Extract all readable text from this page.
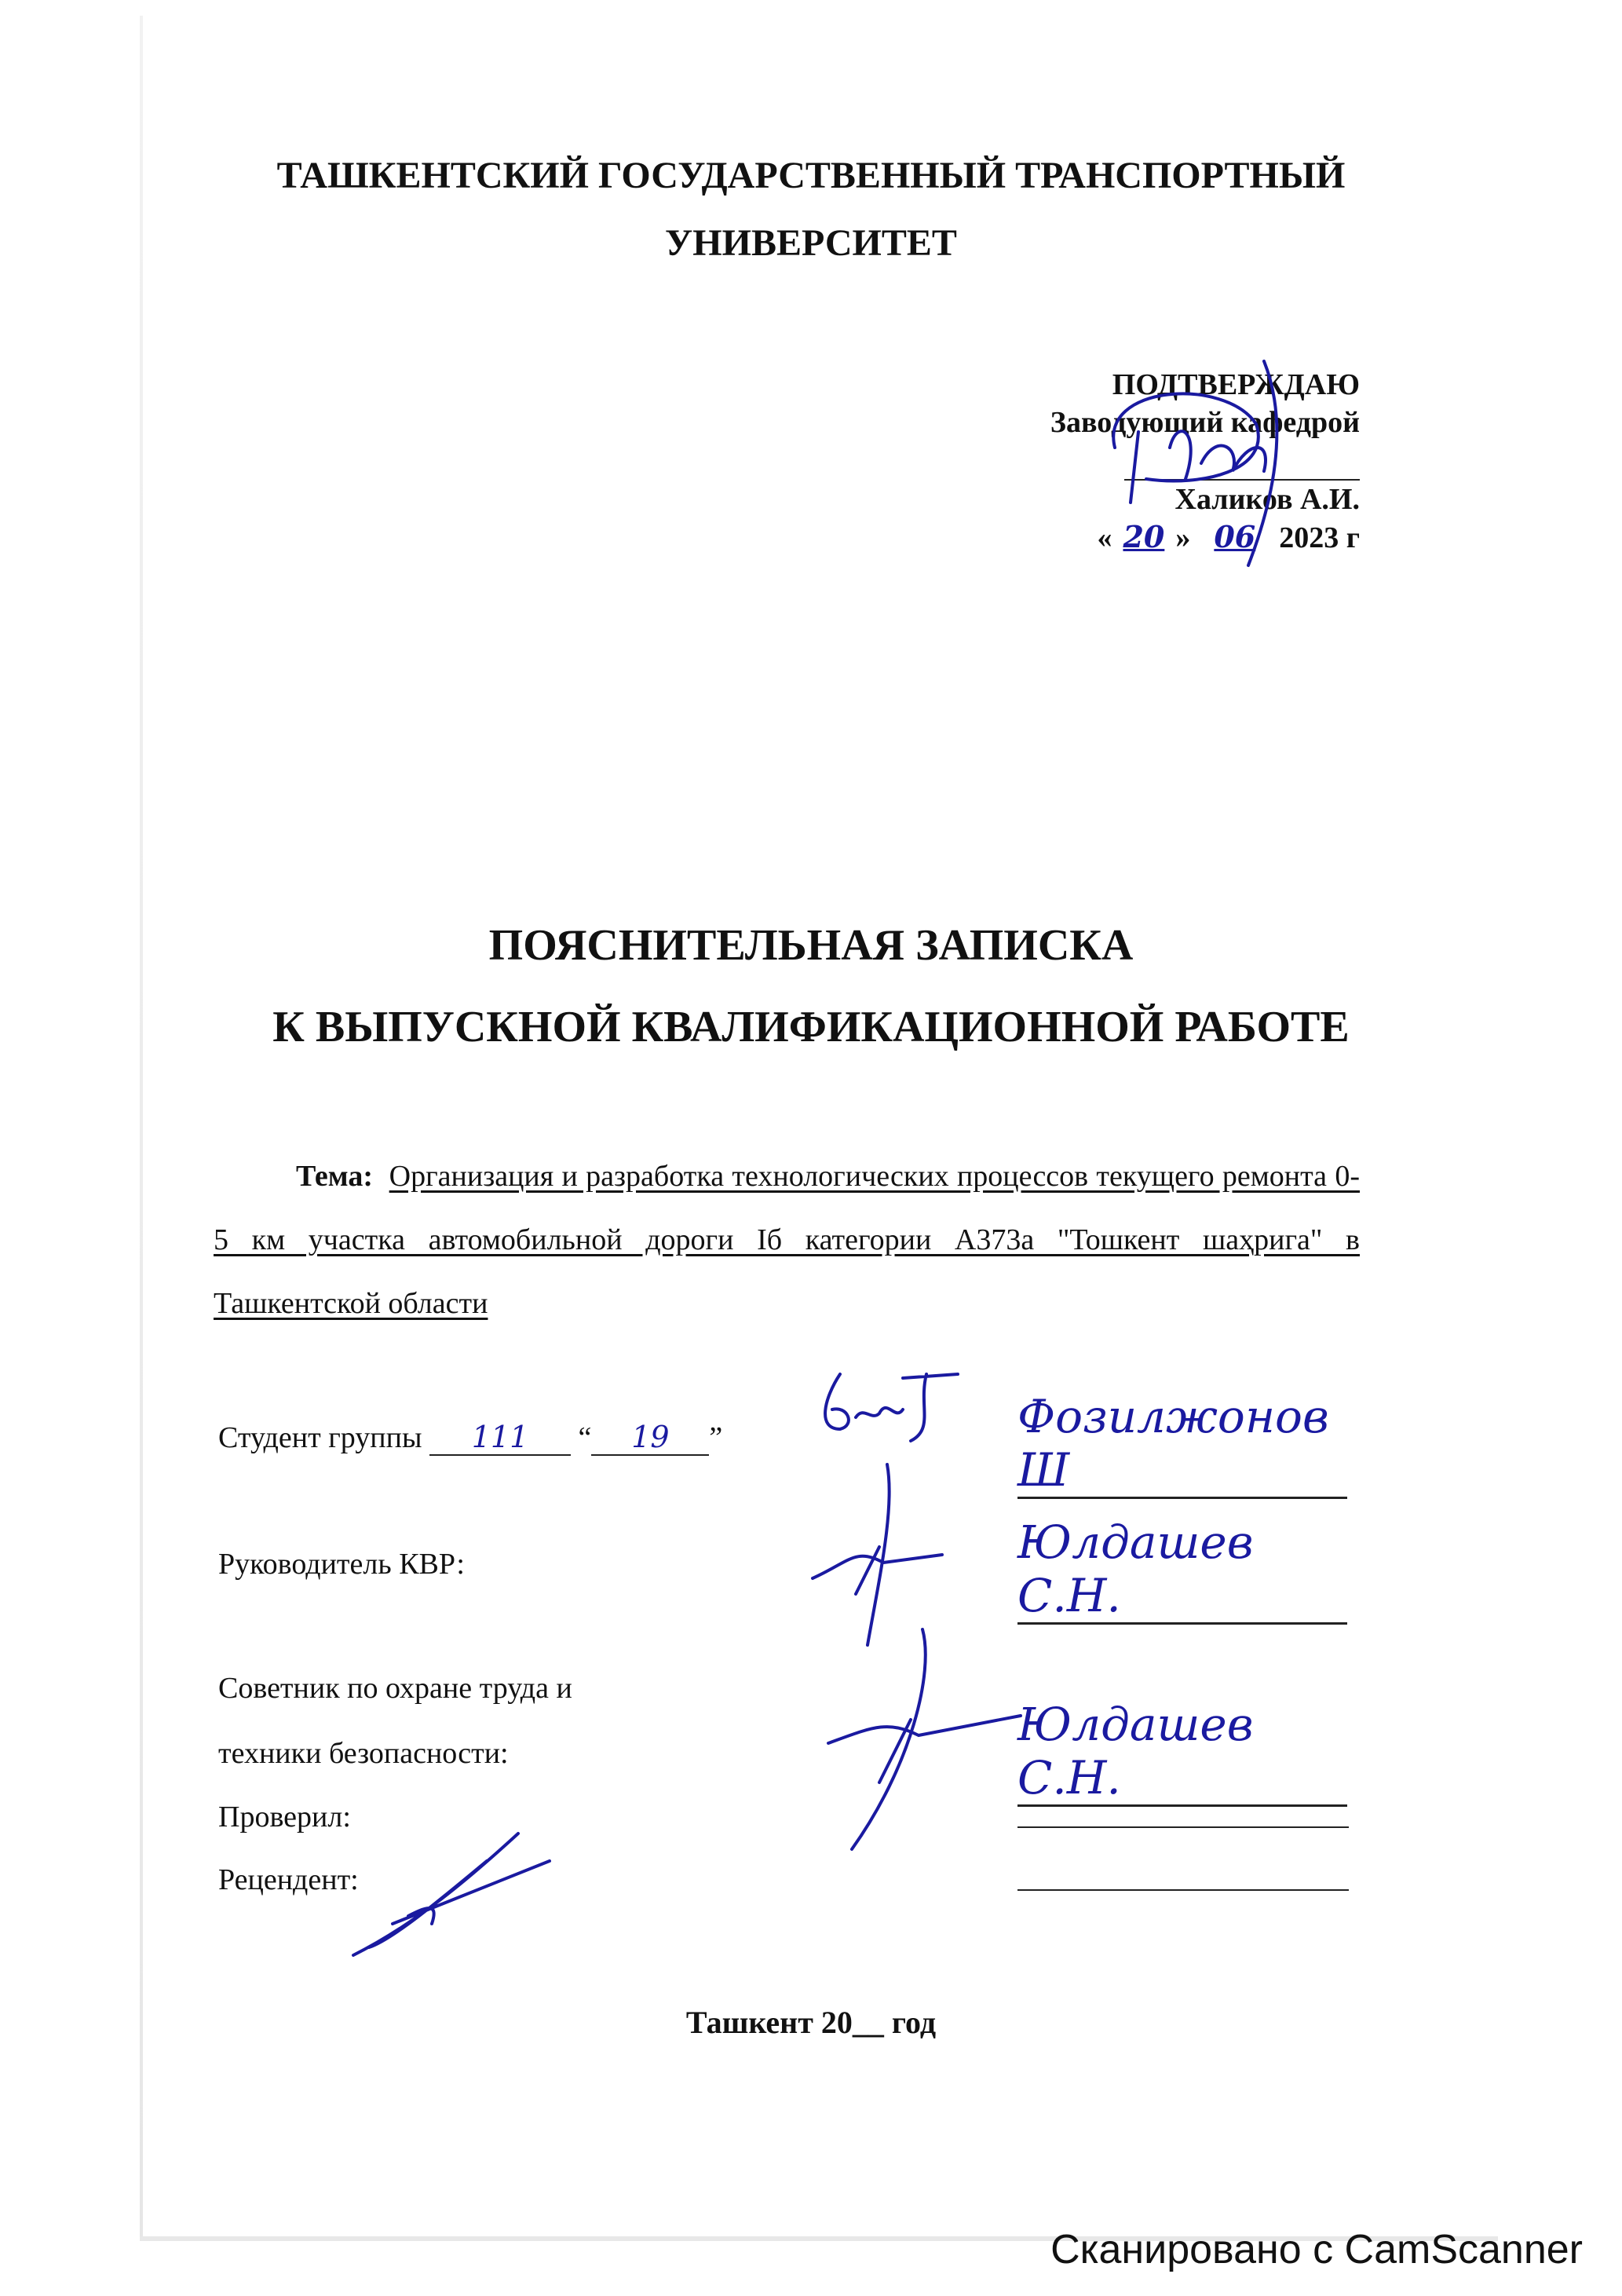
ТАШКЕНТСКИЙ ГОСУДАРСТВЕННЫЙ ТРАНСПОРТНЫЙ
УНИВЕРСИТЕТ
ПОДТВЕРЖДАЮ
Заводующий кафедрой
Халиков А.И.
« 20 » 06 2023 г
ПОЯСНИТЕЛЬНАЯ ЗАПИСКА
К ВЫПУСКНОЙ КВАЛИФИКАЦИОННОЙ РАБОТЕ
Тема: Организация и разработка технологических процессов текущего ремонта 0-5 км участка автомобильной дороги Iб категории А373а "Тошкент шаҳрига" в Ташкентской области
Студент группы 111 “ 19 ”	Фозилжонов Ш
Руководитель КВР:	Юлдашев С.Н.
Советник по охране труда и
техники безопасности:
Юлдашев С.Н.
Проверил:
Рецендент:
Ташкент 20__ год
Сканировано с CamScanner
